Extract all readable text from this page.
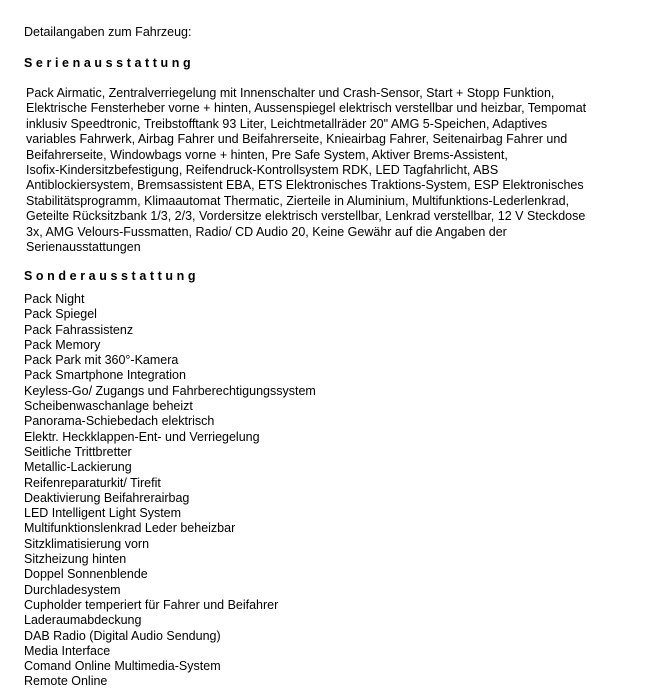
Detailangaben zum Fahrzeug:
Serienausstattung
Pack Airmatic, Zentralverriegelung mit Innenschalter und Crash-Sensor, Start + Stopp Funktion,
Elektrische Fensterheber vorne + hinten, Aussenspiegel elektrisch verstellbar und heizbar, Tempomat
inklusiv Speedtronic, Treibstofftank 93 Liter, Leichtmetallräder 20" AMG 5-Speichen, Adaptives
variables Fahrwerk, Airbag Fahrer und Beifahrerseite, Knieairbag Fahrer, Seitenairbag Fahrer und
Beifahrerseite, Windowbags vorne + hinten, Pre Safe System, Aktiver Brems-Assistent,
Isofix-Kindersitzbefestigung, Reifendruck-Kontrollsystem RDK, LED Tagfahrlicht, ABS
Antiblockiersystem, Bremsassistent EBA, ETS Elektronisches Traktions-System, ESP Elektronisches
Stabilitätsprogramm, Klimaautomat Thermatic, Zierteile in Aluminium, Multifunktions-Lederlenkrad,
Geteilte Rücksitzbank 1/3, 2/3, Vordersitze elektrisch verstellbar, Lenkrad verstellbar, 12 V Steckdose
3x, AMG Velours-Fussmatten, Radio/ CD Audio 20, Keine Gewähr auf die Angaben der
Serienausstattungen
Sonderausstattung
Pack Night
Pack Spiegel
Pack Fahrassistenz
Pack Memory
Pack Park mit 360°-Kamera
Pack Smartphone Integration
Keyless-Go/ Zugangs und Fahrberechtigungssystem
Scheibenwaschanlage beheizt
Panorama-Schiebedach elektrisch
Elektr. Heckklappen-Ent- und Verriegelung
Seitliche Trittbretter
Metallic-Lackierung
Reifenreparaturkit/ Tirefit
Deaktivierung Beifahrerairbag
LED Intelligent Light System
Multifunktionslenkrad Leder beheizbar
Sitzklimatisierung vorn
Sitzheizung hinten
Doppel Sonnenblende
Durchladesystem
Cupholder temperiert für Fahrer und Beifahrer
Laderaumabdeckung
DAB Radio (Digital Audio Sendung)
Media Interface
Comand Online Multimedia-System
Remote Online
